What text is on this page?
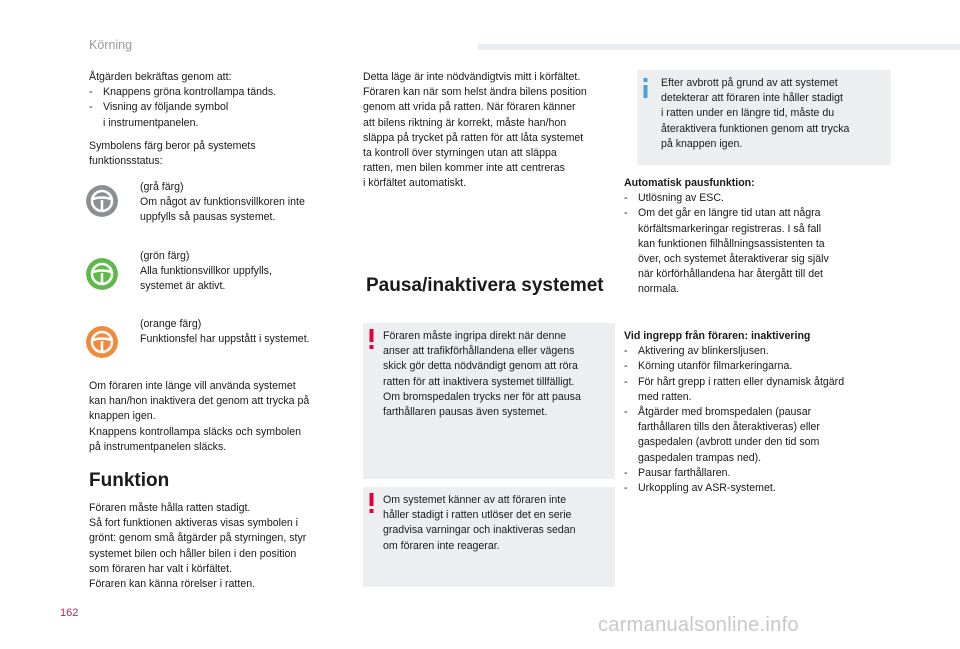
Körning
Åtgärden bekräftas genom att:
- Knappens gröna kontrollampa tänds.
- Visning av följande symbol
i instrumentpanelen.
Symbolens färg beror på systemets
funktionsstatus:
(grå färg)
Om något av funktionsvillkoren inte
uppfylls så pausas systemet.
(grön färg)
Alla funktionsvillkor uppfylls,
systemet är aktivt.
(orange färg)
Funktionsfel har uppstått i systemet.
Om föraren inte länge vill använda systemet
kan han/hon inaktivera det genom att trycka på
knappen igen.
Knappens kontrollampa släcks och symbolen
på instrumentpanelen släcks.
Funktion
Föraren måste hålla ratten stadigt.
Så fort funktionen aktiveras visas symbolen i
grönt: genom små åtgärder på styrningen, styr
systemet bilen och håller bilen i den position
som föraren har valt i körfältet.
Föraren kan känna rörelser i ratten.
Detta läge är inte nödvändigtvis mitt i körfältet.
Föraren kan när som helst ändra bilens position
genom att vrida på ratten. När föraren känner
att bilens riktning är korrekt, måste han/hon
släppa på trycket på ratten för att låta systemet
ta kontroll över styrningen utan att släppa
ratten, men bilen kommer inte att centreras
i körfältet automatiskt.
Pausa/inaktivera systemet
Föraren måste ingripa direkt när denne
anser att trafikförhållandena eller vägens
skick gör detta nödvändigt genom att röra
ratten för att inaktivera systemet tillfälligt.
Om bromspedalen trycks ner för att pausa
farthållaren pausas även systemet.
Om systemet känner av att föraren inte
håller stadigt i ratten utlöser det en serie
gradvisa varningar och inaktiveras sedan
om föraren inte reagerar.
Efter avbrott på grund av att systemet
detekterar att föraren inte håller stadigt
i ratten under en längre tid, måste du
återaktivera funktionen genom att trycka
på knappen igen.
Automatisk pausfunktion:
- Utlösning av ESC.
- Om det går en längre tid utan att några
körfältsmarkeringar registreras. I så fall
kan funktionen filhållningsassistenten ta
över, och systemet återaktiverar sig själv
när körförhållandena har återgått till det
normala.
Vid ingrepp från föraren: inaktivering
- Aktivering av blinkersljusen.
- Körning utanför filmarkeringarna.
- För hårt grepp i ratten eller dynamisk åtgärd
med ratten.
- Åtgärder med bromspedalen (pausar
farthållaren tills den återaktiveras) eller
gaspedalen (avbrott under den tid som
gaspedalen trampas ned).
- Pausar farthållaren.
- Urkoppling av ASR-systemet.
162
carmanualsonline.info
